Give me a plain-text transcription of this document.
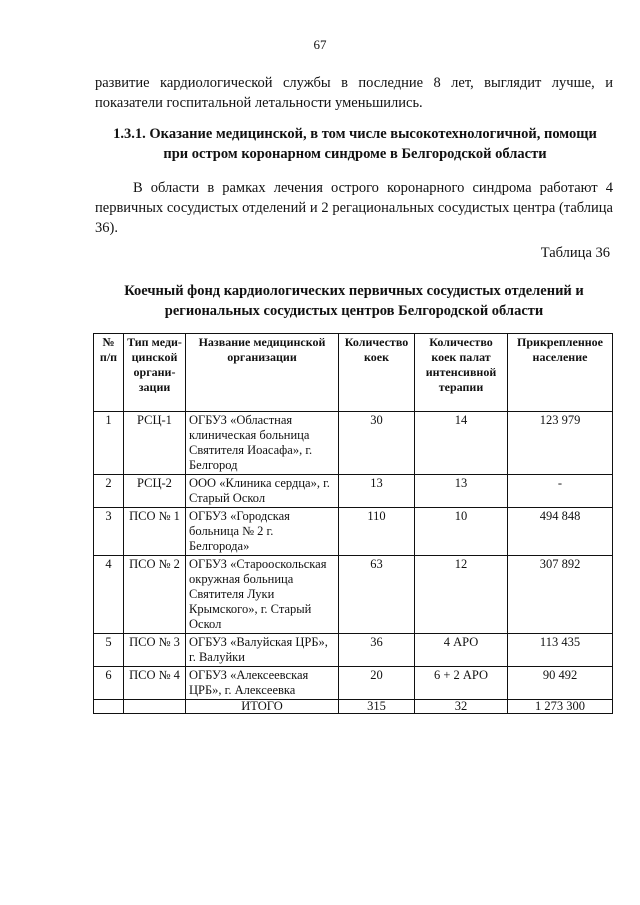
67
развитие кардиологической службы в последние 8 лет, выглядит лучше, и показатели госпитальной летальности уменьшились.
1.3.1. Оказание медицинской, в том числе высокотехнологичной, помощи при остром коронарном синдроме в Белгородской области
В области в рамках лечения острого коронарного синдрома работают 4 первичных сосудистых отделений и 2 регациональных сосудистых центра (таблица 36).
Таблица 36
Коечный фонд кардиологических первичных сосудистых отделений и региональных сосудистых центров Белгородской области
№ п/п	Тип меди-цинской органи-зации	Название медицинской организации	Количество коек	Количество коек палат интенсивной терапии	Прикрепленное население
1	РСЦ-1	ОГБУЗ «Областная клиническая больница Святителя Иоасафа», г. Белгород	30	14	123 979
2	РСЦ-2	ООО «Клиника сердца», г. Старый Оскол	13	13	-
3	ПСО № 1	ОГБУЗ «Городская больница № 2 г. Белгорода»	110	10	494 848
4	ПСО № 2	ОГБУЗ «Старооскольская окружная больница Святителя Луки Крымского», г. Старый Оскол	63	12	307 892
5	ПСО № 3	ОГБУЗ «Валуйская ЦРБ», г. Валуйки	36	4 АРО	113 435
6	ПСО № 4	ОГБУЗ «Алексеевская ЦРБ», г. Алексеевка	20	6 + 2 АРО	90 492
		ИТОГО	315	32	1 273 300
